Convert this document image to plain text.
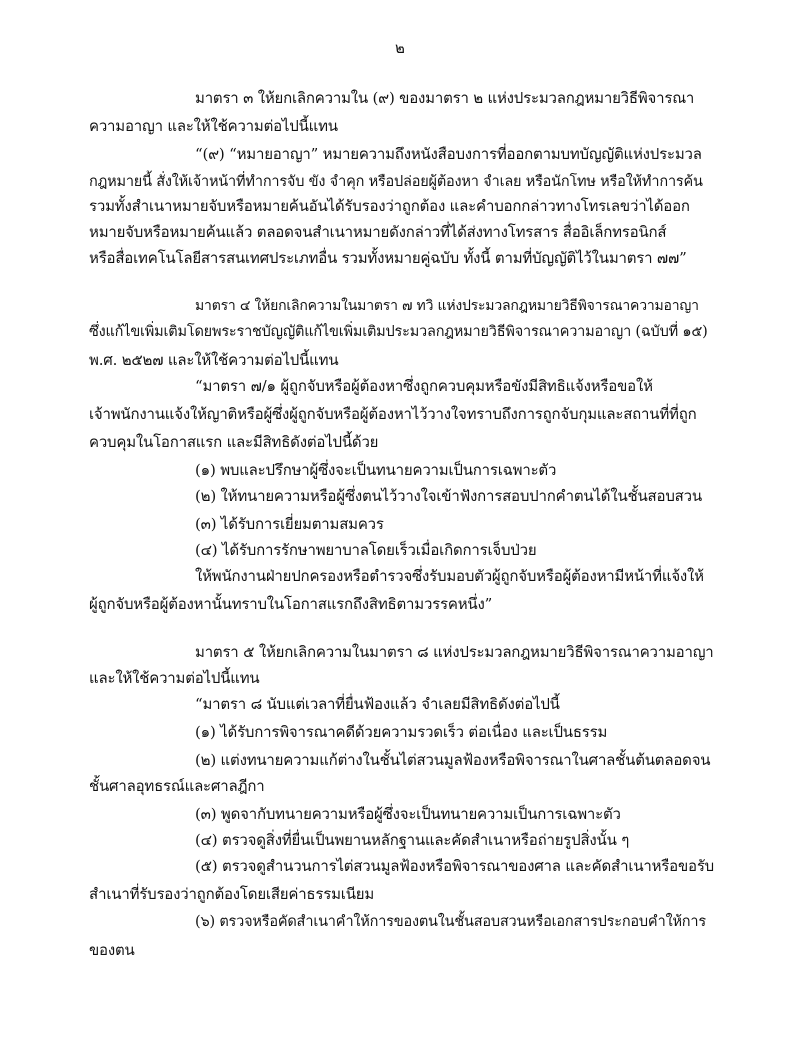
๒
มาตรา ๓ ให้ยกเลิกความใน (๙) ของมาตรา ๒ แห่งประมวลกฎหมายวิธีพิจารณา
ความอาญา และให้ใช้ความต่อไปนี้แทน
“(๙) “หมายอาญา” หมายความถึงหนังสือบงการที่ออกตามบทบัญญัติแห่งประมวล
กฎหมายนี้ สั่งให้เจ้าหน้าที่ทำการจับ ขัง จำคุก หรือปล่อยผู้ต้องหา จำเลย หรือนักโทษ หรือให้ทำการค้น
รวมทั้งสำเนาหมายจับหรือหมายค้นอันได้รับรองว่าถูกต้อง และคำบอกกล่าวทางโทรเลขว่าได้ออก
หมายจับหรือหมายค้นแล้ว ตลอดจนสำเนาหมายดังกล่าวที่ได้ส่งทางโทรสาร สื่ออิเล็กทรอนิกส์
หรือสื่อเทคโนโลยีสารสนเทศประเภทอื่น รวมทั้งหมายคู่ฉบับ ทั้งนี้ ตามที่บัญญัติไว้ในมาตรา ๗๗”
มาตรา ๔ ให้ยกเลิกความในมาตรา ๗ ทวิ แห่งประมวลกฎหมายวิธีพิจารณาความอาญา
ซึ่งแก้ไขเพิ่มเติมโดยพระราชบัญญัติแก้ไขเพิ่มเติมประมวลกฎหมายวิธีพิจารณาความอาญา (ฉบับที่ ๑๕)
พ.ศ. ๒๕๒๗ และให้ใช้ความต่อไปนี้แทน
“มาตรา ๗/๑ ผู้ถูกจับหรือผู้ต้องหาซึ่งถูกควบคุมหรือขังมีสิทธิแจ้งหรือขอให้
เจ้าพนักงานแจ้งให้ญาติหรือผู้ซึ่งผู้ถูกจับหรือผู้ต้องหาไว้วางใจทราบถึงการถูกจับกุมและสถานที่ที่ถูก
ควบคุมในโอกาสแรก และมีสิทธิดังต่อไปนี้ด้วย
(๑) พบและปรึกษาผู้ซึ่งจะเป็นทนายความเป็นการเฉพาะตัว
(๒) ให้ทนายความหรือผู้ซึ่งตนไว้วางใจเข้าฟังการสอบปากคำตนได้ในชั้นสอบสวน
(๓) ได้รับการเยี่ยมตามสมควร
(๔) ได้รับการรักษาพยาบาลโดยเร็วเมื่อเกิดการเจ็บป่วย
ให้พนักงานฝ่ายปกครองหรือตำรวจซึ่งรับมอบตัวผู้ถูกจับหรือผู้ต้องหามีหน้าที่แจ้งให้
ผู้ถูกจับหรือผู้ต้องหานั้นทราบในโอกาสแรกถึงสิทธิตามวรรคหนึ่ง”
มาตรา ๕ ให้ยกเลิกความในมาตรา ๘ แห่งประมวลกฎหมายวิธีพิจารณาความอาญา
และให้ใช้ความต่อไปนี้แทน
“มาตรา ๘ นับแต่เวลาที่ยื่นฟ้องแล้ว จำเลยมีสิทธิดังต่อไปนี้
(๑) ได้รับการพิจารณาคดีด้วยความรวดเร็ว ต่อเนื่อง และเป็นธรรม
(๒) แต่งทนายความแก้ต่างในชั้นไต่สวนมูลฟ้องหรือพิจารณาในศาลชั้นต้นตลอดจน
ชั้นศาลอุทธรณ์และศาลฎีกา
(๓) พูดจากับทนายความหรือผู้ซึ่งจะเป็นทนายความเป็นการเฉพาะตัว
(๔) ตรวจดูสิ่งที่ยื่นเป็นพยานหลักฐานและคัดสำเนาหรือถ่ายรูปสิ่งนั้น ๆ
(๕) ตรวจดูสำนวนการไต่สวนมูลฟ้องหรือพิจารณาของศาล และคัดสำเนาหรือขอรับ
สำเนาที่รับรองว่าถูกต้องโดยเสียค่าธรรมเนียม
(๖) ตรวจหรือคัดสำเนาคำให้การของตนในชั้นสอบสวนหรือเอกสารประกอบคำให้การ
ของตน
